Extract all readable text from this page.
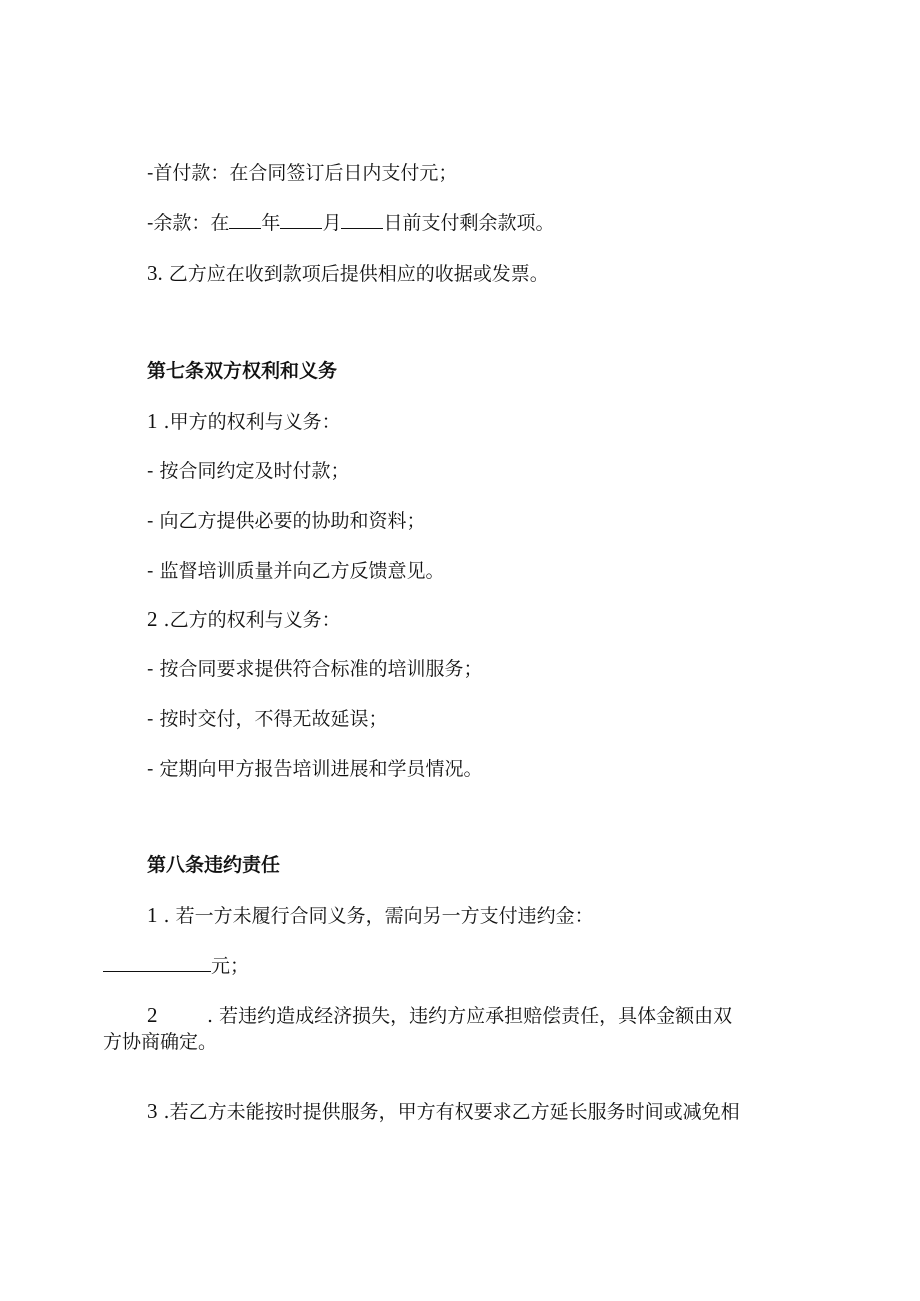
-首付款：在合同签订后日内支付元；
-余款：在 年 月 日前支付剩余款项。
3. 乙方应在收到款项后提供相应的收据或发票。
第七条双方权利和义务
1 .甲方的权利与义务：
- 按合同约定及时付款；
- 向乙方提供必要的协助和资料；
- 监督培训质量并向乙方反馈意见。
2 .乙方的权利与义务：
- 按合同要求提供符合标准的培训服务；
- 按时交付，不得无故延误；
- 定期向甲方报告培训进展和学员情况。
第八条违约责任
1 . 若一方未履行合同义务，需向另一方支付违约金：
元；
2	. 若违约造成经济损失，违约方应承担赔偿责任，具体金额由双
方协商确定。
3 .若乙方未能按时提供服务，甲方有权要求乙方延长服务时间或减免相
